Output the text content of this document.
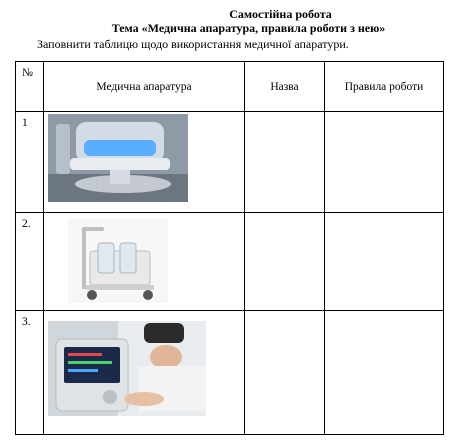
Самостійна робота
Тема «Медична апаратура, правила роботи з нею»
Заповнити таблицю щодо використання медичної апаратури.
№	Медична апаратура	Назва	Правила роботи
1	

2.	

3.	
